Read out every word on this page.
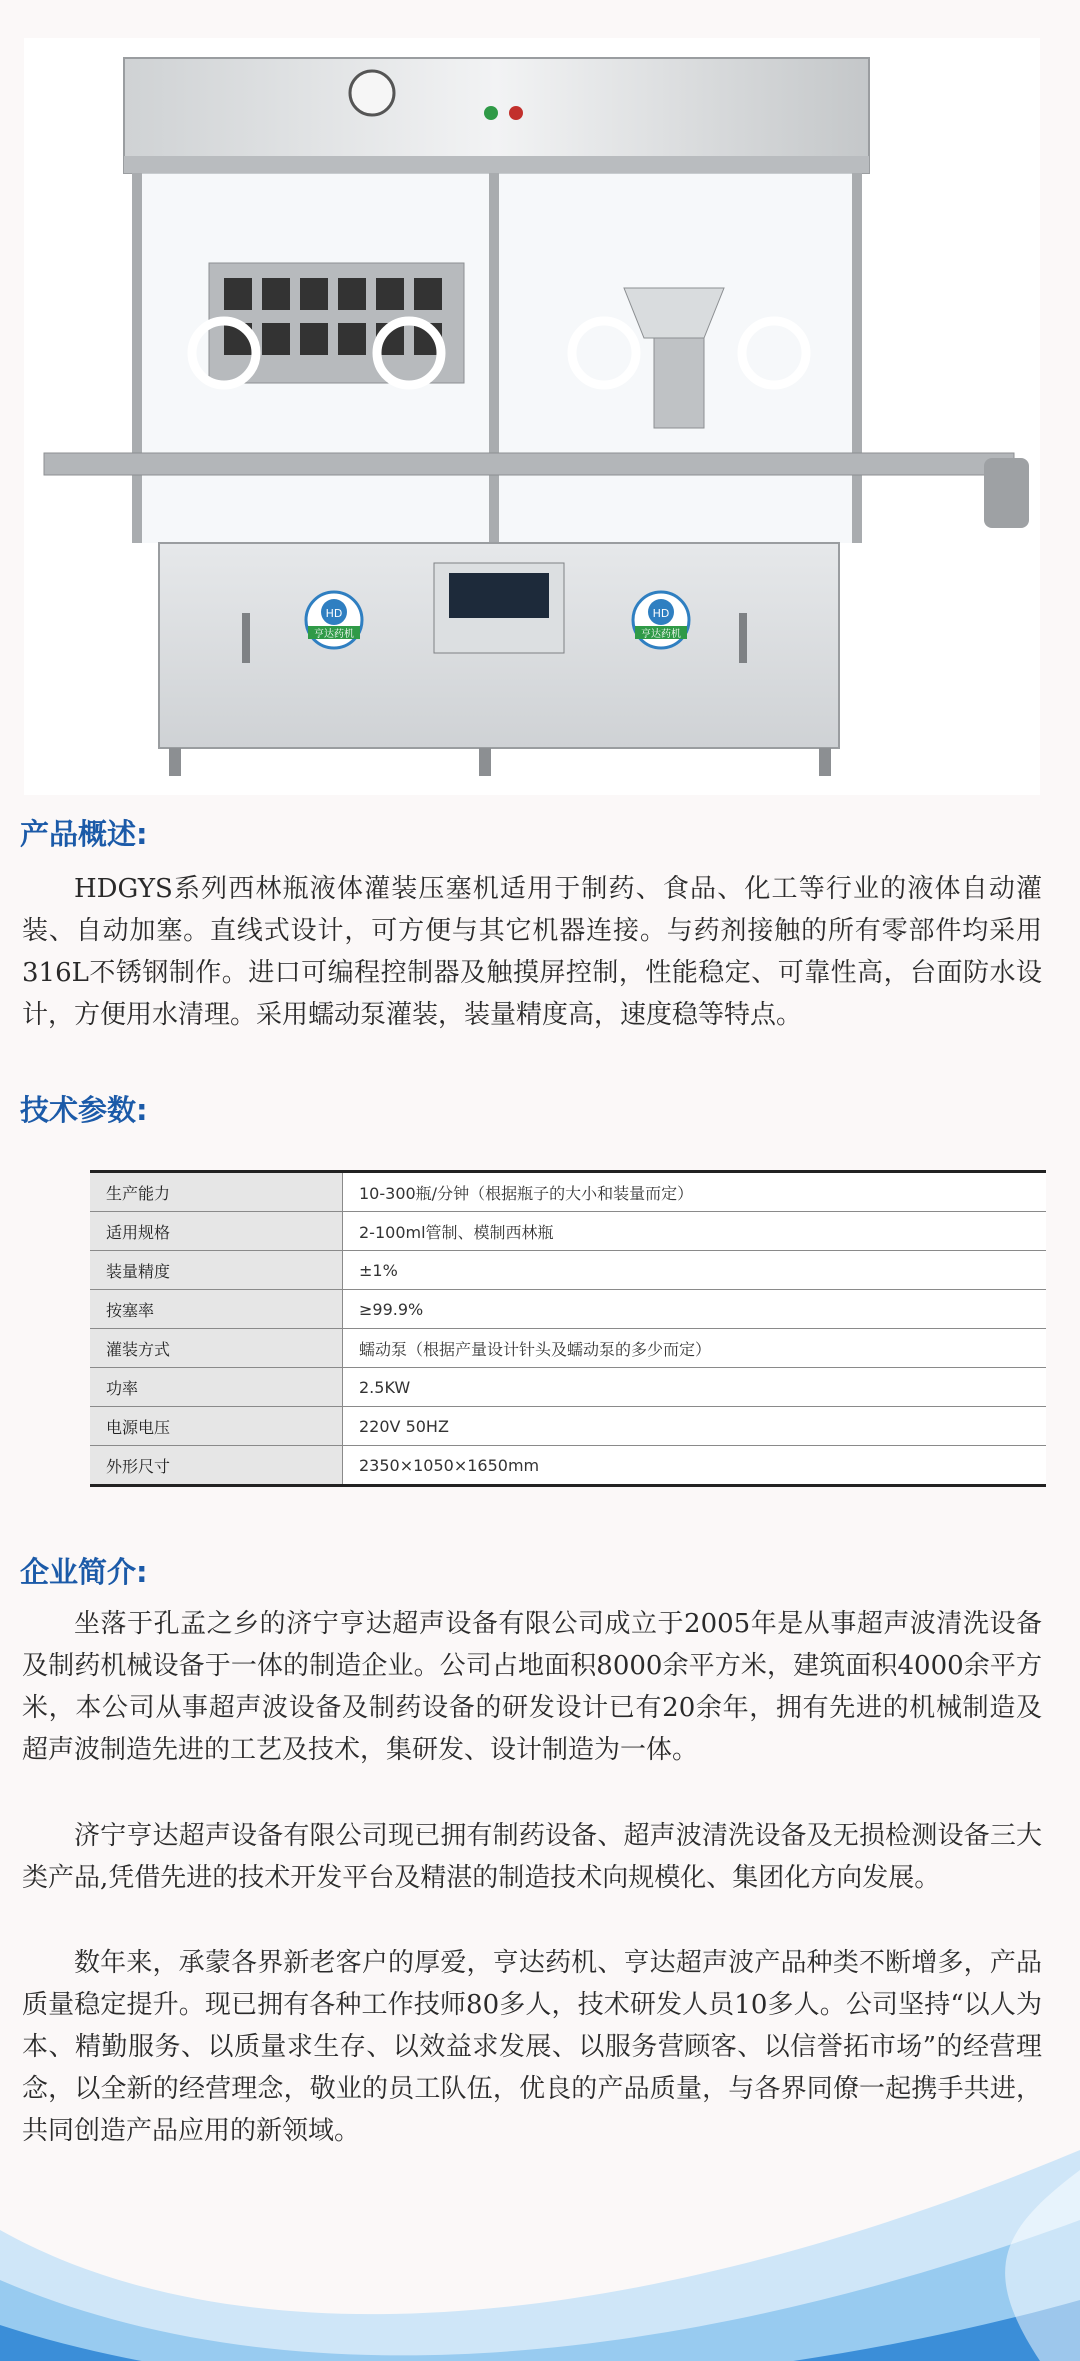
HD
亨达药机
HD
亨达药机
产品概述:

HDGYS系列西林瓶液体灌装压塞机适用于制药、食品、化工等行业的液体自动灌装、自动加塞。直线式设计，可方便与其它机器连接。与药剂接触的所有零部件均采用316L不锈钢制作。进口可编程控制器及触摸屏控制，性能稳定、可靠性高，台面防水设计，方便用水清理。采用蠕动泵灌装，装量精度高，速度稳等特点。

技术参数:
生产能力	10-300瓶/分钟（根据瓶子的大小和装量而定）
适用规格	2-100ml管制、模制西林瓶
装量精度	±1%
按塞率	≥99.9%
灌装方式	蠕动泵（根据产量设计针头及蠕动泵的多少而定）
功率	2.5KW
电源电压	220V 50HZ
外形尺寸	2350×1050×1650mm
企业简介:

坐落于孔孟之乡的济宁亨达超声设备有限公司成立于2005年是从事超声波清洗设备及制药机械设备于一体的制造企业。公司占地面积8000余平方米，建筑面积4000余平方米，本公司从事超声波设备及制药设备的研发设计已有20余年，拥有先进的机械制造及超声波制造先进的工艺及技术，集研发、设计制造为一体。

济宁亨达超声设备有限公司现已拥有制药设备、超声波清洗设备及无损检测设备三大类产品,凭借先进的技术开发平台及精湛的制造技术向规模化、集团化方向发展。

数年来，承蒙各界新老客户的厚爱，亨达药机、亨达超声波产品种类不断增多，产品质量稳定提升。现已拥有各种工作技师80多人，技术研发人员10多人。公司坚持“以人为本、精勤服务、以质量求生存、以效益求发展、以服务营顾客、以信誉拓市场”的经营理念，以全新的经营理念，敬业的员工队伍，优良的产品质量，与各界同僚一起携手共进，共同创造产品应用的新领域。
